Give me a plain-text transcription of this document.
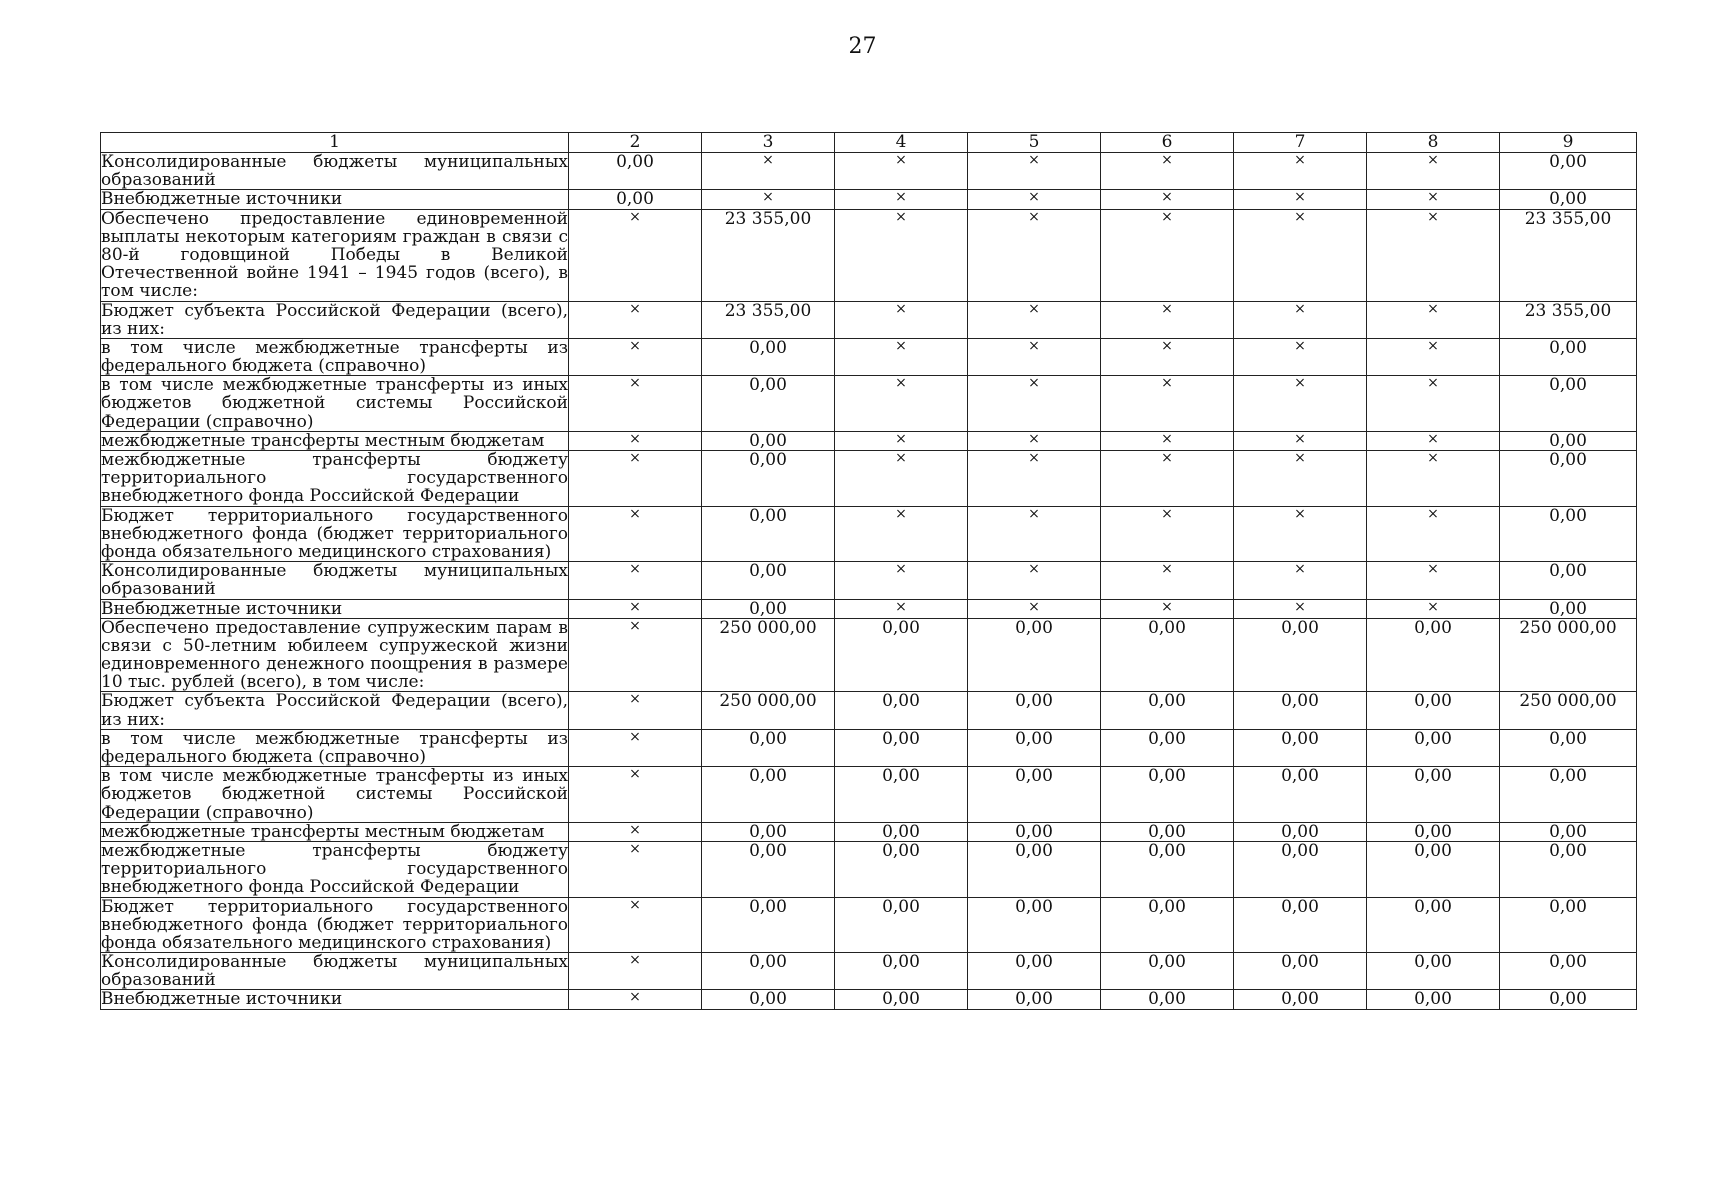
27
1	2	3	4	5	6	7	8	9
Консолидированные бюджеты муниципальных образований	0,00	×	×	×	×	×	×	0,00
Внебюджетные источники	0,00	×	×	×	×	×	×	0,00
Обеспечено предоставление единовременной выплаты некоторым категориям граждан в связи с 80-й годовщиной Победы в Великой Отечественной войне 1941 – 1945 годов (всего), в том числе:	×	23 355,00	×	×	×	×	×	23 355,00
Бюджет субъекта Российской Федерации (всего), из них:	×	23 355,00	×	×	×	×	×	23 355,00
в том числе межбюджетные трансферты из федерального бюджета (справочно)	×	0,00	×	×	×	×	×	0,00
в том числе межбюджетные трансферты из иных бюджетов бюджетной системы Российской Федерации (справочно)	×	0,00	×	×	×	×	×	0,00
межбюджетные трансферты местным бюджетам	×	0,00	×	×	×	×	×	0,00
межбюджетные трансферты бюджету территориального государственного внебюджетного фонда Российской Федерации	×	0,00	×	×	×	×	×	0,00
Бюджет территориального государственного внебюджетного фонда (бюджет территориального фонда обязательного медицинского страхования)	×	0,00	×	×	×	×	×	0,00
Консолидированные бюджеты муниципальных образований	×	0,00	×	×	×	×	×	0,00
Внебюджетные источники	×	0,00	×	×	×	×	×	0,00
Обеспечено предоставление супружеским парам в связи с 50-летним юбилеем супружеской жизни единовременного денежного поощрения в размере 10 тыс. рублей (всего), в том числе:	×	250 000,00	0,00	0,00	0,00	0,00	0,00	250 000,00
Бюджет субъекта Российской Федерации (всего), из них:	×	250 000,00	0,00	0,00	0,00	0,00	0,00	250 000,00
в том числе межбюджетные трансферты из федерального бюджета (справочно)	×	0,00	0,00	0,00	0,00	0,00	0,00	0,00
в том числе межбюджетные трансферты из иных бюджетов бюджетной системы Российской Федерации (справочно)	×	0,00	0,00	0,00	0,00	0,00	0,00	0,00
межбюджетные трансферты местным бюджетам	×	0,00	0,00	0,00	0,00	0,00	0,00	0,00
межбюджетные трансферты бюджету территориального государственного внебюджетного фонда Российской Федерации	×	0,00	0,00	0,00	0,00	0,00	0,00	0,00
Бюджет территориального государственного внебюджетного фонда (бюджет территориального фонда обязательного медицинского страхования)	×	0,00	0,00	0,00	0,00	0,00	0,00	0,00
Консолидированные бюджеты муниципальных образований	×	0,00	0,00	0,00	0,00	0,00	0,00	0,00
Внебюджетные источники	×	0,00	0,00	0,00	0,00	0,00	0,00	0,00
